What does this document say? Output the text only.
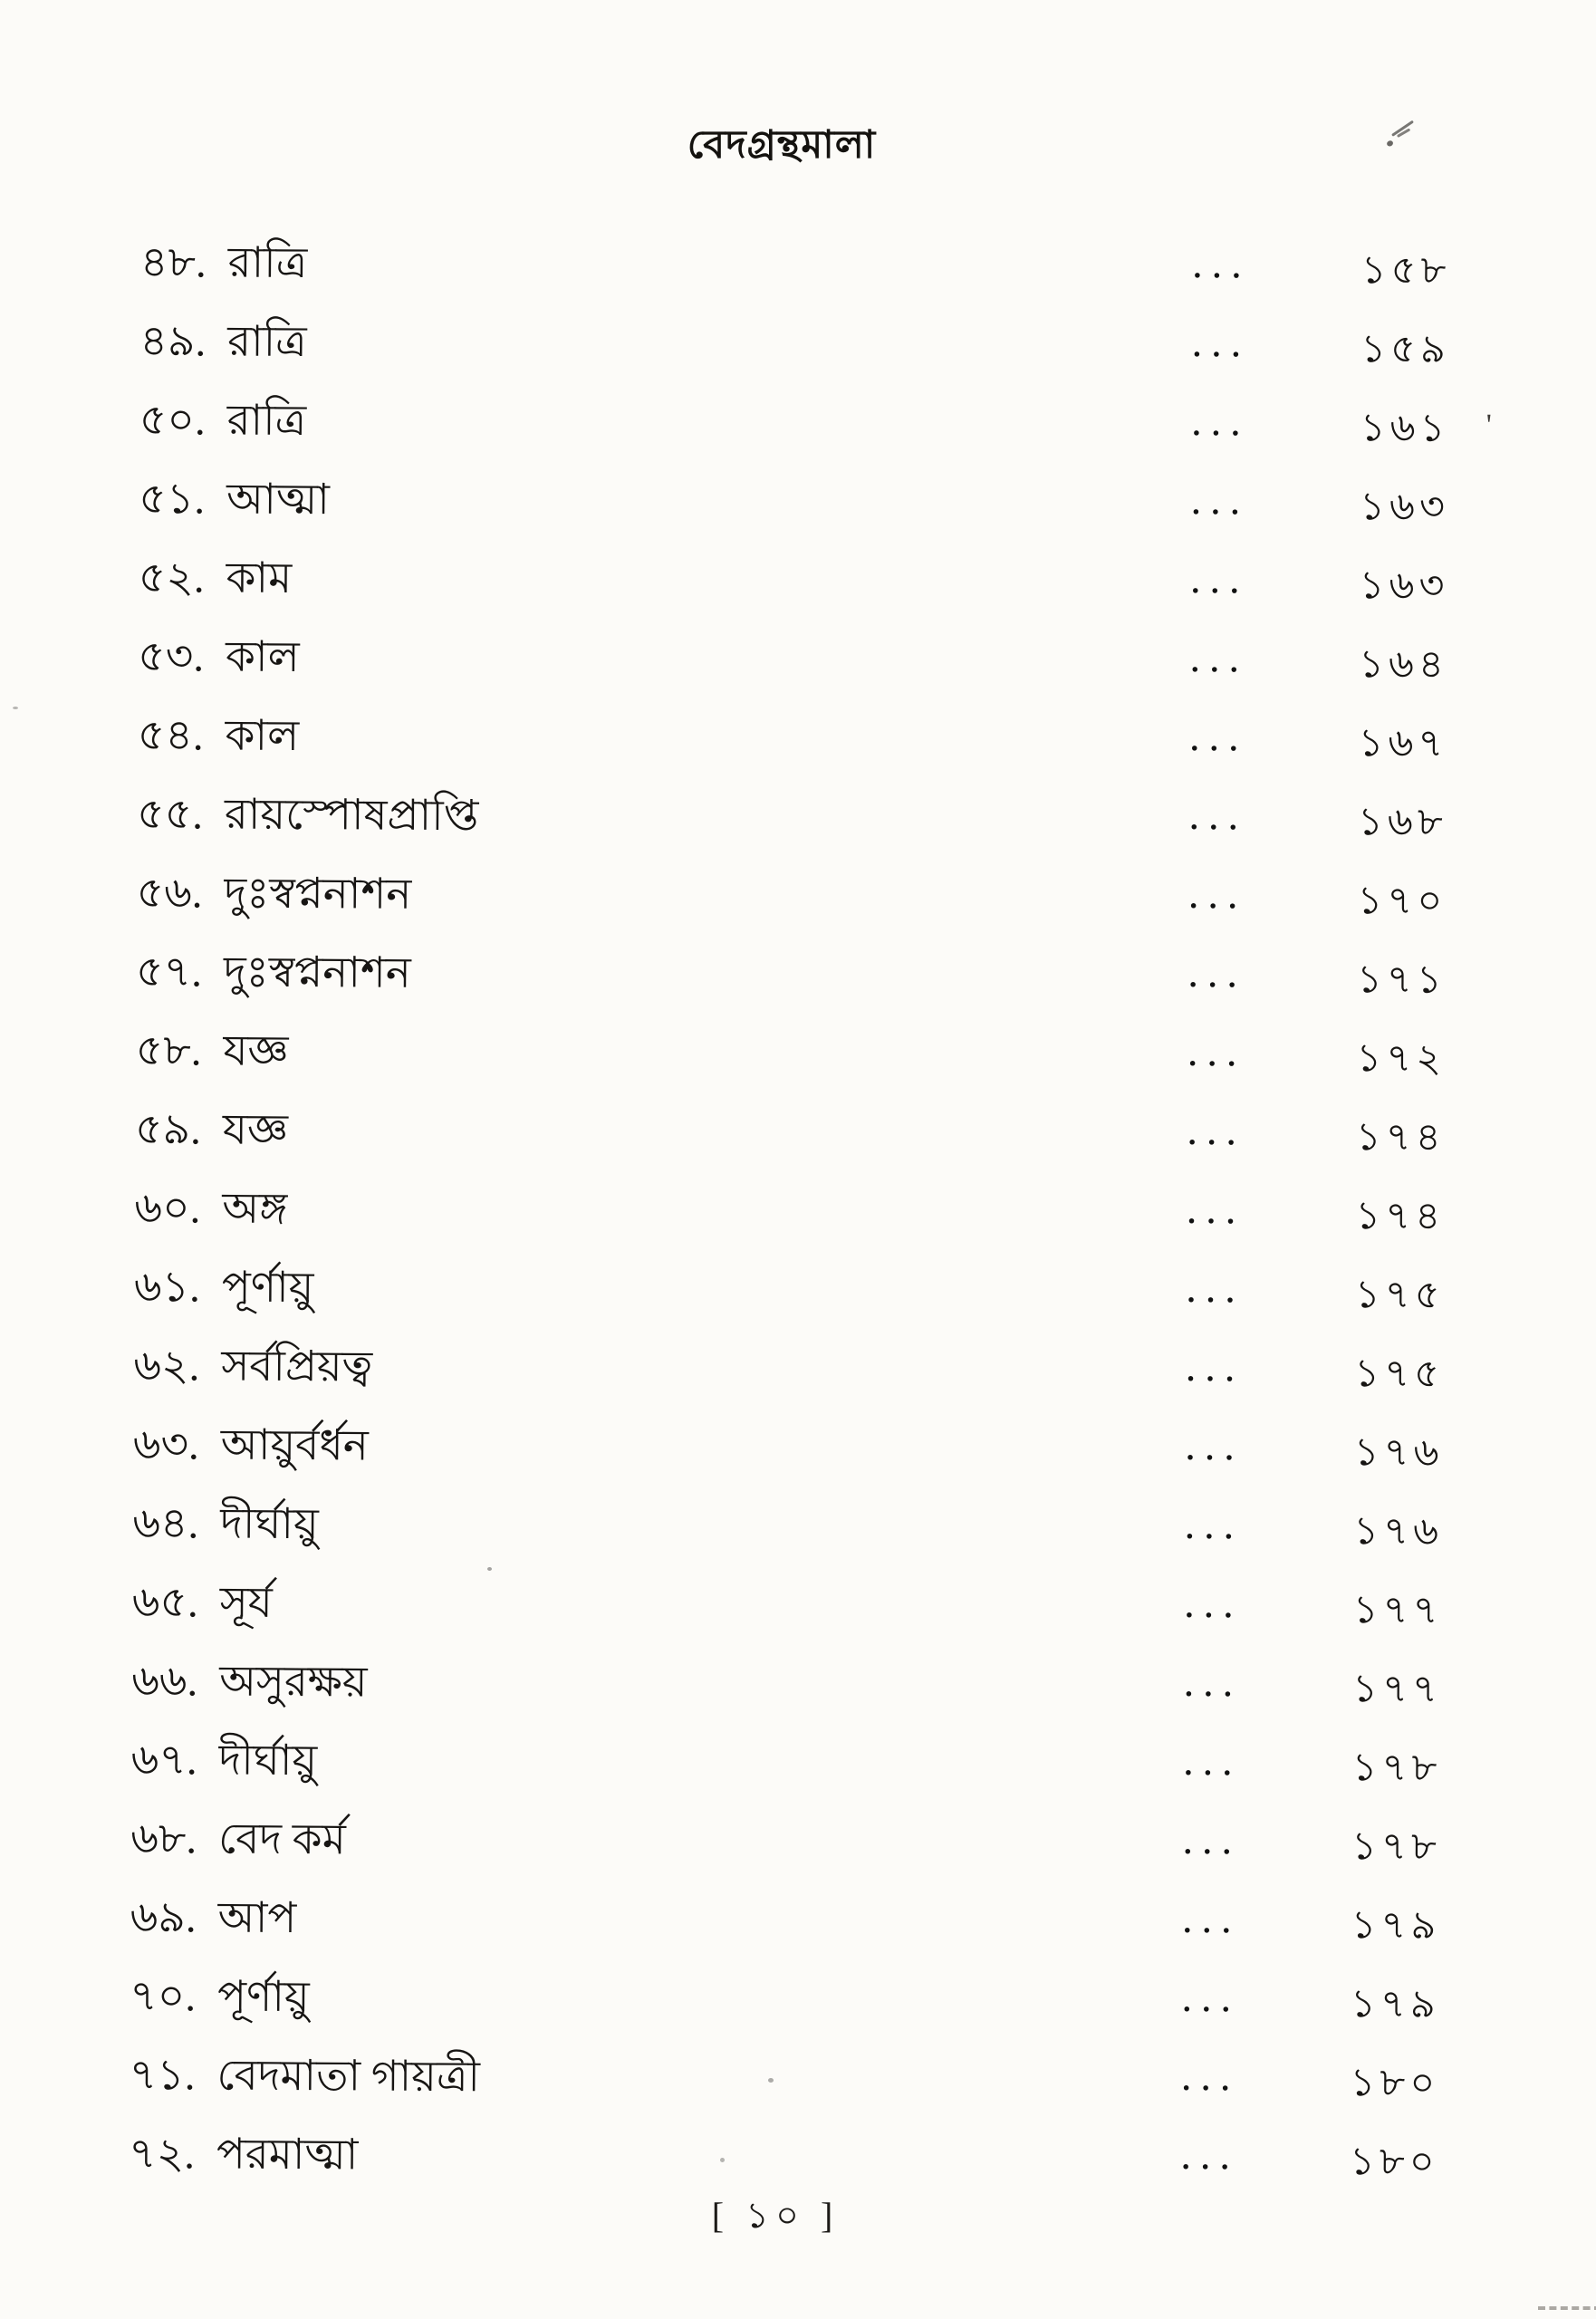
বেদগ্রন্থমালা
৪৮. রাত্রি	...	১৫৮
৪৯. রাত্রি	...	১৫৯
৫০. রাত্রি	...	১৬১ '
৫১. আত্মা	...	১৬৩
৫২. কাম	...	১৬৩
৫৩. কাল	...	১৬৪
৫৪. কাল	...	১৬৭
৫৫. রায়স্পোষপ্রাপ্তি	...	১৬৮
৫৬. দুঃস্বপ্ননাশন	...	১৭০
৫৭. দুঃস্বপ্ননাশন	...	১৭১
৫৮. যজ্ঞ	...	১৭২
৫৯. যজ্ঞ	...	১৭৪
৬০. অঙ্গ	...	১৭৪
৬১. পূর্ণায়ু	...	১৭৫
৬২. সর্বপ্রিয়ত্ব	...	১৭৫
৬৩. আয়ুর্বর্ধন	...	১৭৬
৬৪. দীর্ঘায়ু	...	১৭৬
৬৫. সূর্য	...	১৭৭
৬৬. অসুরক্ষয়	...	১৭৭
৬৭. দীর্ঘায়ু	...	১৭৮
৬৮. বেদ কর্ম	...	১৭৮
৬৯. আপ	...	১৭৯
৭০. পূর্ণায়ু	...	১৭৯
৭১. বেদমাতা গায়ত্রী	...	১৮০
৭২. পরমাত্মা	...	১৮০
[ ১০ ]
